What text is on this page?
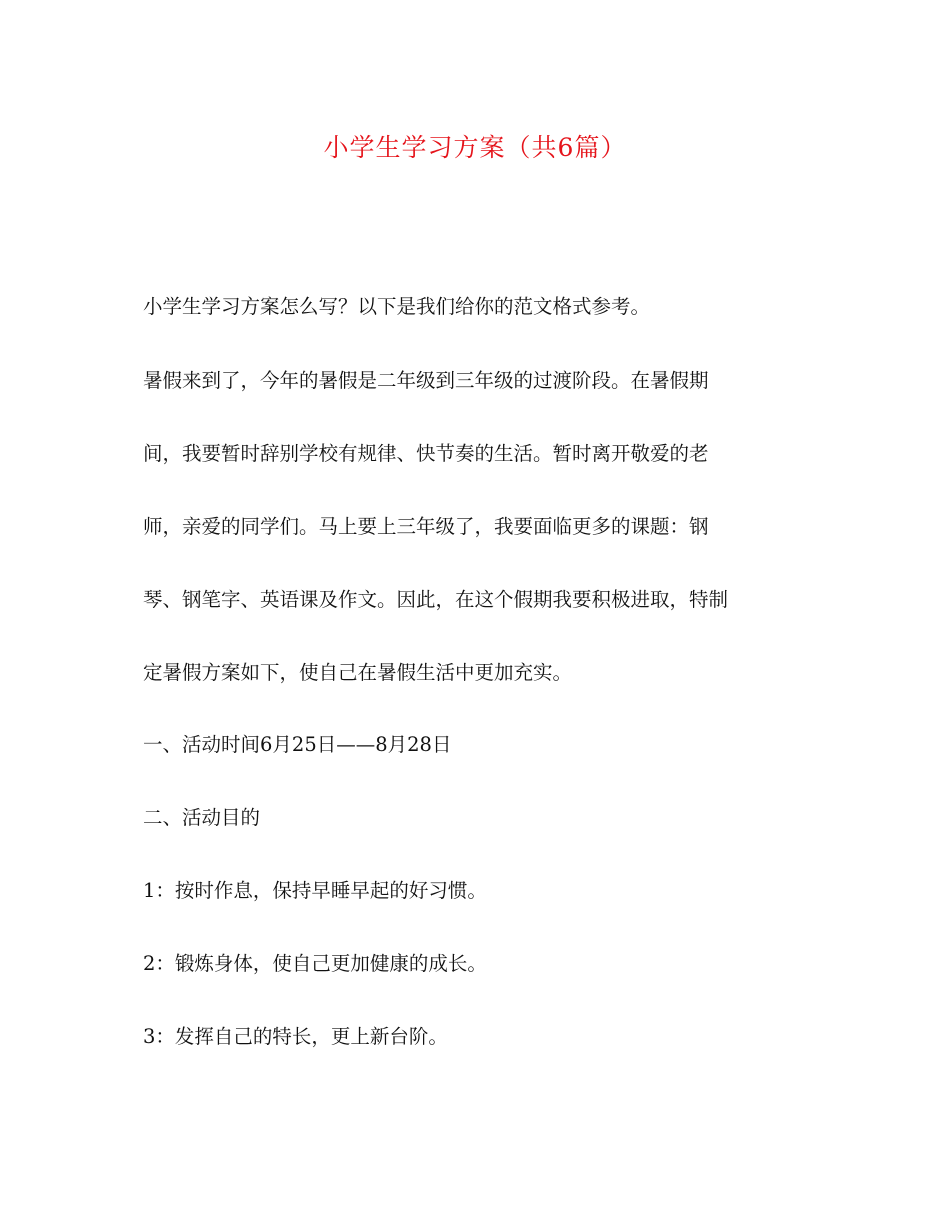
小学生学习方案（共6篇）
小学生学习方案怎么写？以下是我们给你的范文格式参考。
暑假来到了，今年的暑假是二年级到三年级的过渡阶段。在暑假期
间，我要暂时辞别学校有规律、快节奏的生活。暂时离开敬爱的老
师，亲爱的同学们。马上要上三年级了，我要面临更多的课题：钢
琴、钢笔字、英语课及作文。因此，在这个假期我要积极进取，特制
定暑假方案如下，使自己在暑假生活中更加充实。
一、活动时间6月25日——8月28日
二、活动目的
1：按时作息，保持早睡早起的好习惯。
2：锻炼身体，使自己更加健康的成长。
3：发挥自己的特长，更上新台阶。
